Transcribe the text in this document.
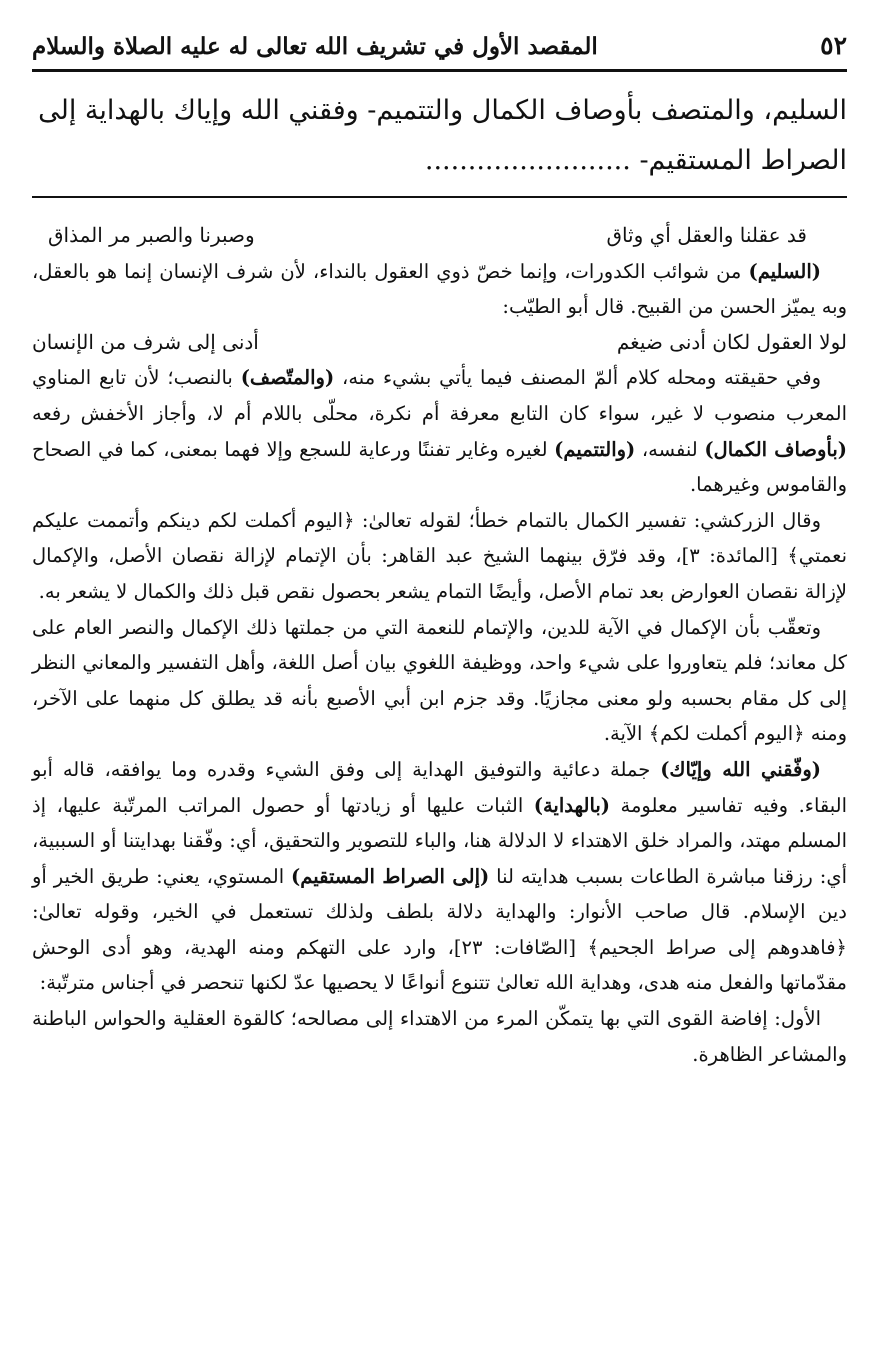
٥٢
المقصد الأول في تشريف الله تعالى له عليه الصلاة والسلام
السليم، والمتصف بأوصاف الكمال والتتميم- وفقني الله وإياك بالهداية إلى
الصراط المستقيم- ........................
قد عقلنا والعقل أي وثاق
وصبرنا والصبر مر المذاق

(السليم) من شوائب الكدورات، وإنما خصّ ذوي العقول بالنداء، لأن شرف الإنسان إنما هو بالعقل، وبه يميّز الحسن من القبيح. قال أبو الطيّب:

لولا العقول لكان أدنى ضيغم
أدنى إلى شرف من الإنسان

وفي حقيقته ومحله كلام ألمّ المصنف فيما يأتي بشيء منه، (والمتّصف) بالنصب؛ لأن تابع المناوي المعرب منصوب لا غير، سواء كان التابع معرفة أم نكرة، محلّى باللام أم لا، وأجاز الأخفش رفعه (بأوصاف الكمال) لنفسه، (والتتميم) لغيره وغاير تفننًا ورعاية للسجع وإلا فهما بمعنى، كما في الصحاح والقاموس وغيرهما.

وقال الزركشي: تفسير الكمال بالتمام خطأ؛ لقوله تعالىٰ: ﴿اليوم أكملت لكم دينكم وأتممت عليكم نعمتي﴾ [المائدة: ٣]، وقد فرّق بينهما الشيخ عبد القاهر: بأن الإتمام لإزالة نقصان الأصل، والإكمال لإزالة نقصان العوارض بعد تمام الأصل، وأيضًا التمام يشعر بحصول نقص قبل ذلك والكمال لا يشعر به.

وتعقّب بأن الإكمال في الآية للدين، والإتمام للنعمة التي من جملتها ذلك الإكمال والنصر العام على كل معاند؛ فلم يتعاوروا على شيء واحد، ووظيفة اللغوي بيان أصل اللغة، وأهل التفسير والمعاني النظر إلى كل مقام بحسبه ولو معنى مجازيًا. وقد جزم ابن أبي الأصبع بأنه قد يطلق كل منهما على الآخر، ومنه ﴿اليوم أكملت لكم﴾ الآية.

(وفّقني الله وإيّاك) جملة دعائية والتوفيق الهداية إلى وفق الشيء وقدره وما يوافقه، قاله أبو البقاء. وفيه تفاسير معلومة (بالهداية) الثبات عليها أو زيادتها أو حصول المراتب المرتّبة عليها، إذ المسلم مهتد، والمراد خلق الاهتداء لا الدلالة هنا، والباء للتصوير والتحقيق، أي: وفّقنا بهدايتنا أو السببية، أي: رزقنا مباشرة الطاعات بسبب هدايته لنا (إلى الصراط المستقيم) المستوي، يعني: طريق الخير أو دين الإسلام. قال صاحب الأنوار: والهداية دلالة بلطف ولذلك تستعمل في الخير، وقوله تعالىٰ: ﴿فاهدوهم إلى صراط الجحيم﴾ [الصّافات: ٢٣]، وارد على التهكم ومنه الهدية، وهو أدى الوحش مقدّماتها والفعل منه هدى، وهداية الله تعالىٰ تتنوع أنواعًا لا يحصيها عدّ لكنها تنحصر في أجناس مترتّبة:

الأول: إفاضة القوى التي بها يتمكّن المرء من الاهتداء إلى مصالحه؛ كالقوة العقلية والحواس الباطنة والمشاعر الظاهرة.
